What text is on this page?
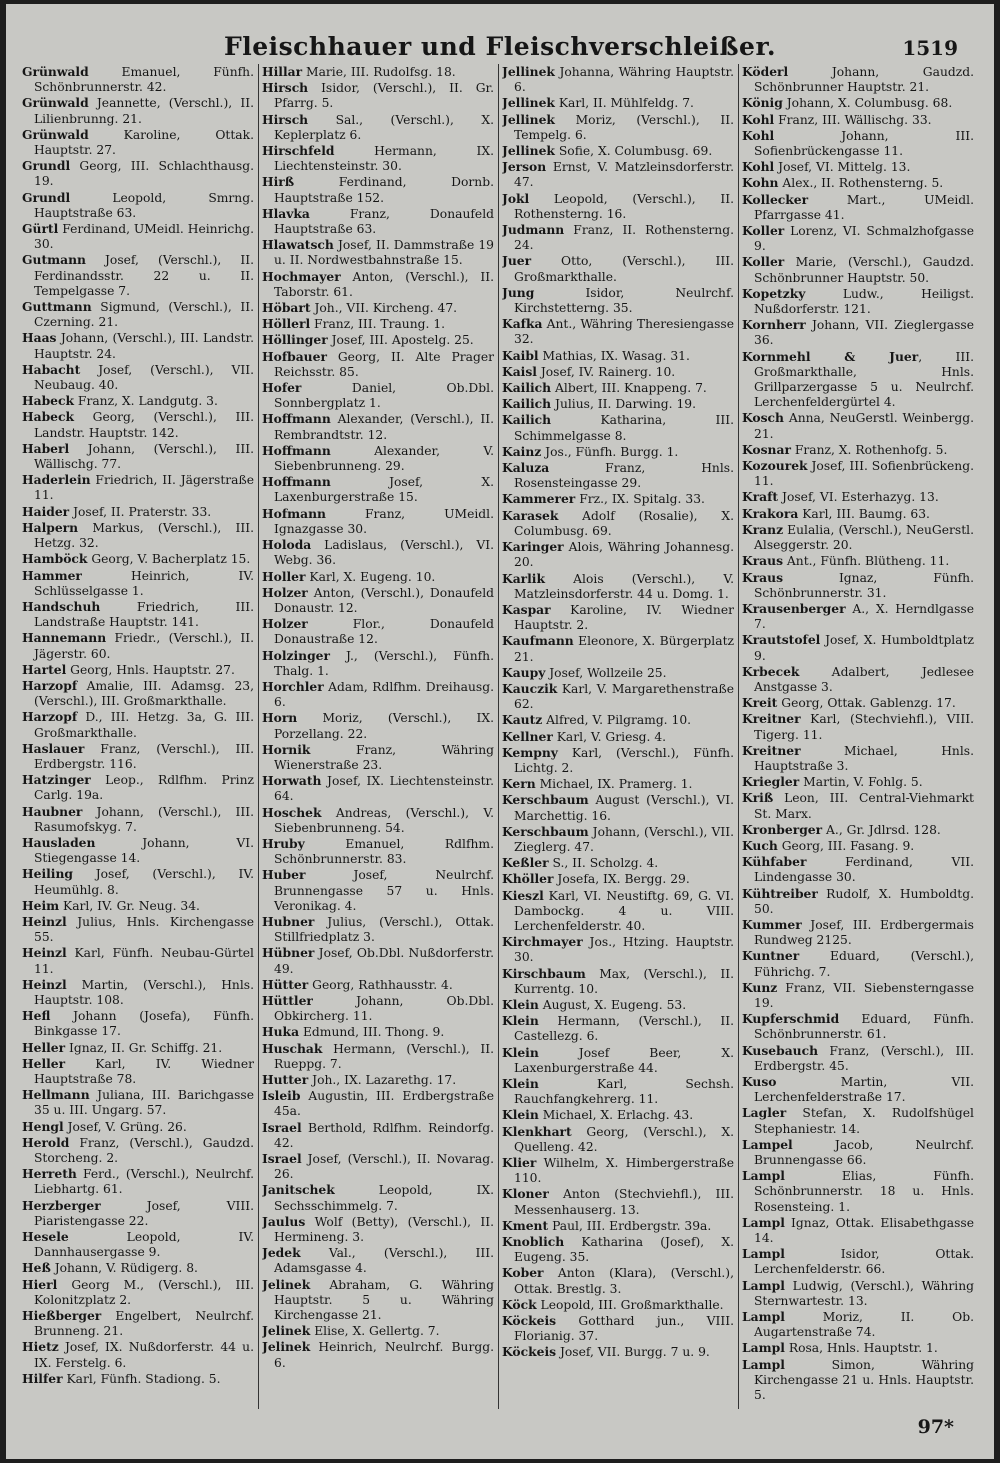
Fleischhauer und Fleischverschleißer.	1519
Grünwald Emanuel, Fünfh. Schönbrunnerstr. 42.
Grünwald Jeannette, (Verschl.), II. Lilienbrunng. 21.
Grünwald Karoline, Ottak. Hauptstr. 27.
Grundl Georg, III. Schlachthausg. 19.
Grundl Leopold, Smrng. Hauptstraße 63.
Gürtl Ferdinand, UMeidl. Heinrichg. 30.
Gutmann Josef, (Verschl.), II. Ferdinandsstr. 22 u. II. Tempelgasse 7.
Guttmann Sigmund, (Verschl.), II. Czerning. 21.
Haas Johann, (Verschl.), III. Landstr. Hauptstr. 24.
Habacht Josef, (Verschl.), VII. Neubaug. 40.
Habeck Franz, X. Landgutg. 3.
Habeck Georg, (Verschl.), III. Landstr. Hauptstr. 142.
Haberl Johann, (Verschl.), III. Wällischg. 77.
Haderlein Friedrich, II. Jägerstraße 11.
Haider Josef, II. Praterstr. 33.
Halpern Markus, (Verschl.), III. Hetzg. 32.
Hamböck Georg, V. Bacherplatz 15.
Hammer Heinrich, IV. Schlüsselgasse 1.
Handschuh Friedrich, III. Landstraße Hauptstr. 141.
Hannemann Friedr., (Verschl.), II. Jägerstr. 60.
Hartel Georg, Hnls. Hauptstr. 27.
Harzopf Amalie, III. Adamsg. 23, (Verschl.), III. Großmarkthalle.
Harzopf D., III. Hetzg. 3a, G. III. Großmarkthalle.
Haslauer Franz, (Verschl.), III. Erdbergstr. 116.
Hatzinger Leop., Rdlfhm. Prinz Carlg. 19a.
Haubner Johann, (Verschl.), III. Rasumofskyg. 7.
Hausladen Johann, VI. Stiegengasse 14.
Heiling Josef, (Verschl.), IV. Heumühlg. 8.
Heim Karl, IV. Gr. Neug. 34.
Heinzl Julius, Hnls. Kirchengasse 55.
Heinzl Karl, Fünfh. Neubau-Gürtel 11.
Heinzl Martin, (Verschl.), Hnls. Hauptstr. 108.
Hefl Johann (Josefa), Fünfh. Binkgasse 17.
Heller Ignaz, II. Gr. Schiffg. 21.
Heller Karl, IV. Wiedner Hauptstraße 78.
Hellmann Juliana, III. Barichgasse 35 u. III. Ungarg. 57.
Hengl Josef, V. Grüng. 26.
Herold Franz, (Verschl.), Gaudzd. Storcheng. 2.
Herreth Ferd., (Verschl.), Neulrchf. Liebhartg. 61.
Herzberger Josef, VIII. Piaristengasse 22.
Hesele Leopold, IV. Dannhausergasse 9.
Heß Johann, V. Rüdigerg. 8.
Hierl Georg M., (Verschl.), III. Kolonitzplatz 2.
Hießberger Engelbert, Neulrchf. Brunneng. 21.
Hietz Josef, IX. Nußdorferstr. 44 u. IX. Ferstelg. 6.
Hilfer Karl, Fünfh. Stadiong. 5.
Hillar Marie, III. Rudolfsg. 18.
Hirsch Isidor, (Verschl.), II. Gr. Pfarrg. 5.
Hirsch Sal., (Verschl.), X. Keplerplatz 6.
Hirschfeld Hermann, IX. Liechtensteinstr. 30.
Hirß Ferdinand, Dornb. Hauptstraße 152.
Hlavka Franz, Donaufeld Hauptstraße 63.
Hlawatsch Josef, II. Dammstraße 19 u. II. Nordwestbahnstraße 15.
Hochmayer Anton, (Verschl.), II. Taborstr. 61.
Höbart Joh., VII. Kircheng. 47.
Höllerl Franz, III. Traung. 1.
Höllinger Josef, III. Apostelg. 25.
Hofbauer Georg, II. Alte Prager Reichsstr. 85.
Hofer Daniel, Ob.Dbl. Sonnbergplatz 1.
Hoffmann Alexander, (Verschl.), II. Rembrandtstr. 12.
Hoffmann Alexander, V. Siebenbrunneng. 29.
Hoffmann Josef, X. Laxenburgerstraße 15.
Hofmann Franz, UMeidl. Ignazgasse 30.
Holoda Ladislaus, (Verschl.), VI. Webg. 36.
Holler Karl, X. Eugeng. 10.
Holzer Anton, (Verschl.), Donaufeld Donaustr. 12.
Holzer Flor., Donaufeld Donaustraße 12.
Holzinger J., (Verschl.), Fünfh. Thalg. 1.
Horchler Adam, Rdlfhm. Dreihausg. 6.
Horn Moriz, (Verschl.), IX. Porzellang. 22.
Hornik Franz, Währing Wienerstraße 23.
Horwath Josef, IX. Liechtensteinstr. 64.
Hoschek Andreas, (Verschl.), V. Siebenbrunneng. 54.
Hruby Emanuel, Rdlfhm. Schönbrunnerstr. 83.
Huber Josef, Neulrchf. Brunnengasse 57 u. Hnls. Veronikag. 4.
Hubner Julius, (Verschl.), Ottak. Stillfriedplatz 3.
Hübner Josef, Ob.Dbl. Nußdorferstr. 49.
Hütter Georg, Rathhausstr. 4.
Hüttler Johann, Ob.Dbl. Obkircherg. 11.
Huka Edmund, III. Thong. 9.
Huschak Hermann, (Verschl.), II. Rueppg. 7.
Hutter Joh., IX. Lazarethg. 17.
Isleib Augustin, III. Erdbergstraße 45a.
Israel Berthold, Rdlfhm. Reindorfg. 42.
Israel Josef, (Verschl.), II. Novarag. 26.
Janitschek Leopold, IX. Sechsschimmelg. 7.
Jaulus Wolf (Betty), (Verschl.), II. Hermineng. 3.
Jedek Val., (Verschl.), III. Adamsgasse 4.
Jelinek Abraham, G. Währing Hauptstr. 5 u. Währing Kirchengasse 21.
Jelinek Elise, X. Gellertg. 7.
Jelinek Heinrich, Neulrchf. Burgg. 6.
Jellinek Johanna, Währing Hauptstr. 6.
Jellinek Karl, II. Mühlfeldg. 7.
Jellinek Moriz, (Verschl.), II. Tempelg. 6.
Jellinek Sofie, X. Columbusg. 69.
Jerson Ernst, V. Matzleinsdorferstr. 47.
Jokl Leopold, (Verschl.), II. Rothensterng. 16.
Judmann Franz, II. Rothensterng. 24.
Juer Otto, (Verschl.), III. Großmarkthalle.
Jung Isidor, Neulrchf. Kirchstetterng. 35.
Kafka Ant., Währing Theresiengasse 32.
Kaibl Mathias, IX. Wasag. 31.
Kaisl Josef, IV. Rainerg. 10.
Kailich Albert, III. Knappeng. 7.
Kailich Julius, II. Darwing. 19.
Kailich Katharina, III. Schimmelgasse 8.
Kainz Jos., Fünfh. Burgg. 1.
Kaluza Franz, Hnls. Rosensteingasse 29.
Kammerer Frz., IX. Spitalg. 33.
Karasek Adolf (Rosalie), X. Columbusg. 69.
Karinger Alois, Währing Johannesg. 20.
Karlik Alois (Verschl.), V. Matzleinsdorferstr. 44 u. Domg. 1.
Kaspar Karoline, IV. Wiedner Hauptstr. 2.
Kaufmann Eleonore, X. Bürgerplatz 21.
Kaupy Josef, Wollzeile 25.
Kauczik Karl, V. Margarethenstraße 62.
Kautz Alfred, V. Pilgramg. 10.
Kellner Karl, V. Griesg. 4.
Kempny Karl, (Verschl.), Fünfh. Lichtg. 2.
Kern Michael, IX. Pramerg. 1.
Kerschbaum August (Verschl.), VI. Marchettig. 16.
Kerschbaum Johann, (Verschl.), VII. Zieglerg. 47.
Keßler S., II. Scholzg. 4.
Khöller Josefa, IX. Bergg. 29.
Kieszl Karl, VI. Neustiftg. 69, G. VI. Dambockg. 4 u. VIII. Lerchenfelderstr. 40.
Kirchmayer Jos., Htzing. Hauptstr. 30.
Kirschbaum Max, (Verschl.), II. Kurrentg. 10.
Klein August, X. Eugeng. 53.
Klein Hermann, (Verschl.), II. Castellezg. 6.
Klein Josef Beer, X. Laxenburgerstraße 44.
Klein Karl, Sechsh. Rauchfangkehrerg. 11.
Klein Michael, X. Erlachg. 43.
Klenkhart Georg, (Verschl.), X. Quelleng. 42.
Klier Wilhelm, X. Himbergerstraße 110.
Kloner Anton (Stechviehfl.), III. Messenhauserg. 13.
Kment Paul, III. Erdbergstr. 39a.
Knoblich Katharina (Josef), X. Eugeng. 35.
Kober Anton (Klara), (Verschl.), Ottak. Brestlg. 3.
Köck Leopold, III. Großmarkthalle.
Köckeis Gotthard jun., VIII. Florianig. 37.
Köckeis Josef, VII. Burgg. 7 u. 9.
Köderl Johann, Gaudzd. Schönbrunner Hauptstr. 21.
König Johann, X. Columbusg. 68.
Kohl Franz, III. Wällischg. 33.
Kohl Johann, III. Sofienbrückengasse 11.
Kohl Josef, VI. Mittelg. 13.
Kohn Alex., II. Rothensterng. 5.
Kollecker Mart., UMeidl. Pfarrgasse 41.
Koller Lorenz, VI. Schmalzhofgasse 9.
Koller Marie, (Verschl.), Gaudzd. Schönbrunner Hauptstr. 50.
Kopetzky Ludw., Heiligst. Nußdorferstr. 121.
Kornherr Johann, VII. Zieglergasse 36.
Kornmehl & Juer, III. Großmarkthalle, Hnls. Grillparzergasse 5 u. Neulrchf. Lerchenfeldergürtel 4.
Kosch Anna, NeuGerstl. Weinbergg. 21.
Kosnar Franz, X. Rothenhofg. 5.
Kozourek Josef, III. Sofienbrückeng. 11.
Kraft Josef, VI. Esterhazyg. 13.
Krakora Karl, III. Baumg. 63.
Kranz Eulalia, (Verschl.), NeuGerstl. Alseggerstr. 20.
Kraus Ant., Fünfh. Blütheng. 11.
Kraus Ignaz, Fünfh. Schönbrunnerstr. 31.
Krausenberger A., X. Herndlgasse 7.
Krautstofel Josef, X. Humboldtplatz 9.
Krbecek Adalbert, Jedlesee Anstgasse 3.
Kreit Georg, Ottak. Gablenzg. 17.
Kreitner Karl, (Stechviehfl.), VIII. Tigerg. 11.
Kreitner Michael, Hnls. Hauptstraße 3.
Kriegler Martin, V. Fohlg. 5.
Kriß Leon, III. Central-Viehmarkt St. Marx.
Kronberger A., Gr. Jdlrsd. 128.
Kuch Georg, III. Fasang. 9.
Kühfaber Ferdinand, VII. Lindengasse 30.
Kühtreiber Rudolf, X. Humboldtg. 50.
Kummer Josef, III. Erdbergermais Rundweg 2125.
Kuntner Eduard, (Verschl.), Führichg. 7.
Kunz Franz, VII. Siebensterngasse 19.
Kupferschmid Eduard, Fünfh. Schönbrunnerstr. 61.
Kusebauch Franz, (Verschl.), III. Erdbergstr. 45.
Kuso Martin, VII. Lerchenfelderstraße 17.
Lagler Stefan, X. Rudolfshügel Stephaniestr. 14.
Lampel Jacob, Neulrchf. Brunnengasse 66.
Lampl Elias, Fünfh. Schönbrunnerstr. 18 u. Hnls. Rosensteing. 1.
Lampl Ignaz, Ottak. Elisabethgasse 14.
Lampl Isidor, Ottak. Lerchenfelderstr. 66.
Lampl Ludwig, (Verschl.), Währing Sternwartestr. 13.
Lampl Moriz, II. Ob. Augartenstraße 74.
Lampl Rosa, Hnls. Hauptstr. 1.
Lampl Simon, Währing Kirchengasse 21 u. Hnls. Hauptstr. 5.
97*
